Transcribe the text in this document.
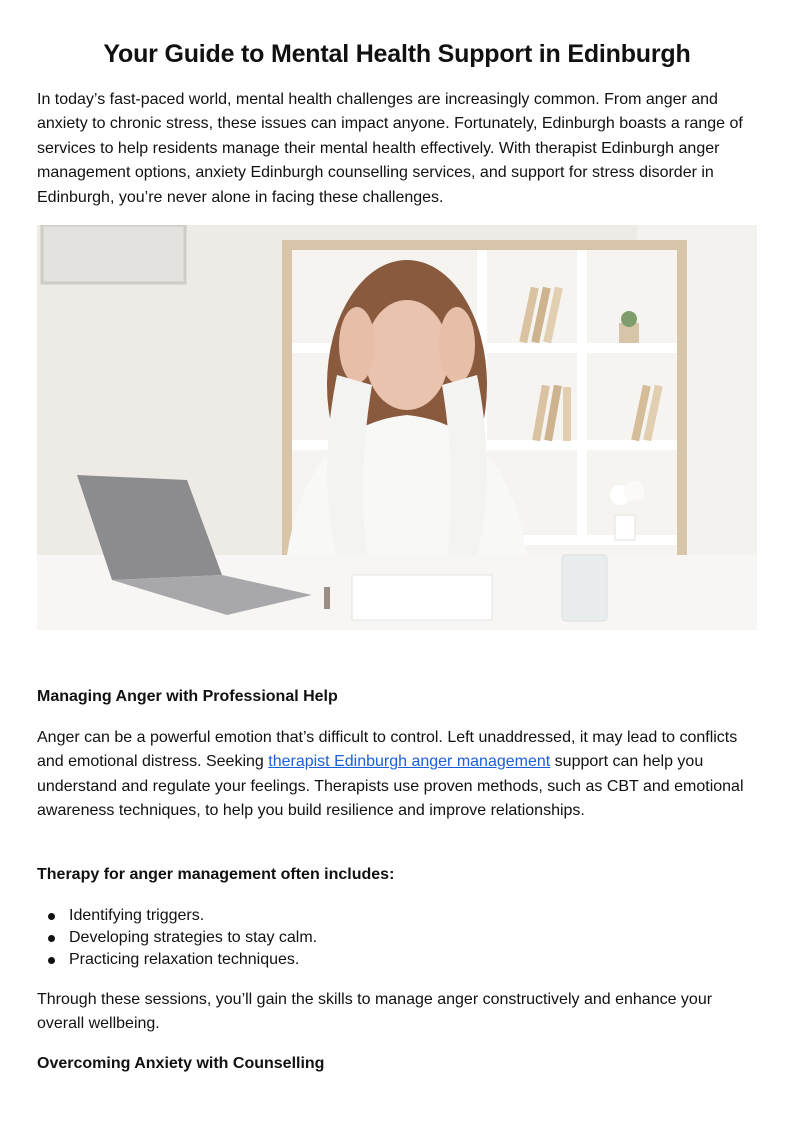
Your Guide to Mental Health Support in Edinburgh

In today’s fast-paced world, mental health challenges are increasingly common. From anger and anxiety to chronic stress, these issues can impact anyone. Fortunately, Edinburgh boasts a range of services to help residents manage their mental health effectively. With therapist Edinburgh anger management options, anxiety Edinburgh counselling services, and support for stress disorder in Edinburgh, you’re never alone in facing these challenges.

Managing Anger with Professional Help

Anger can be a powerful emotion that’s difficult to control. Left unaddressed, it may lead to conflicts and emotional distress. Seeking therapist Edinburgh anger management support can help you understand and regulate your feelings. Therapists use proven methods, such as CBT and emotional awareness techniques, to help you build resilience and improve relationships.

Therapy for anger management often includes:
Identifying triggers.
Developing strategies to stay calm.
Practicing relaxation techniques.

Through these sessions, you’ll gain the skills to manage anger constructively and enhance your overall wellbeing.

Overcoming Anxiety with Counselling
